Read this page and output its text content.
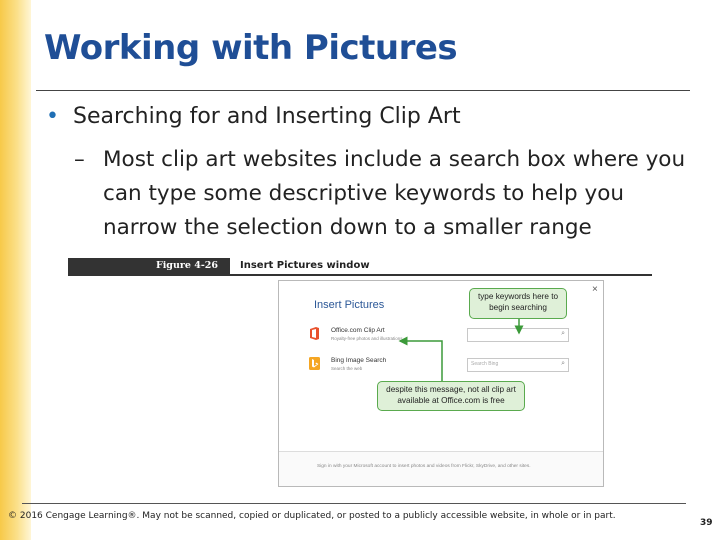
Working with Pictures
• Searching for and Inserting Clip Art
– Most clip art websites include a search box where you can type some descriptive keywords to help you narrow the selection down to a smaller range
Figure 4-26	Insert Pictures window
Insert Pictures
×
Office.com Clip Art
Royalty-free photos and illustrations
⌕
Bing Image Search
Search the web
Search Bing	⌕
Sign in with your Microsoft account to insert photos and videos from Flickr, SkyDrive, and other sites.
type keywords here to begin searching
despite this message, not all clip art available at Office.com is free
© 2016 Cengage Learning®. May not be scanned, copied or duplicated, or posted to a publicly accessible website, in whole or in part.
39
